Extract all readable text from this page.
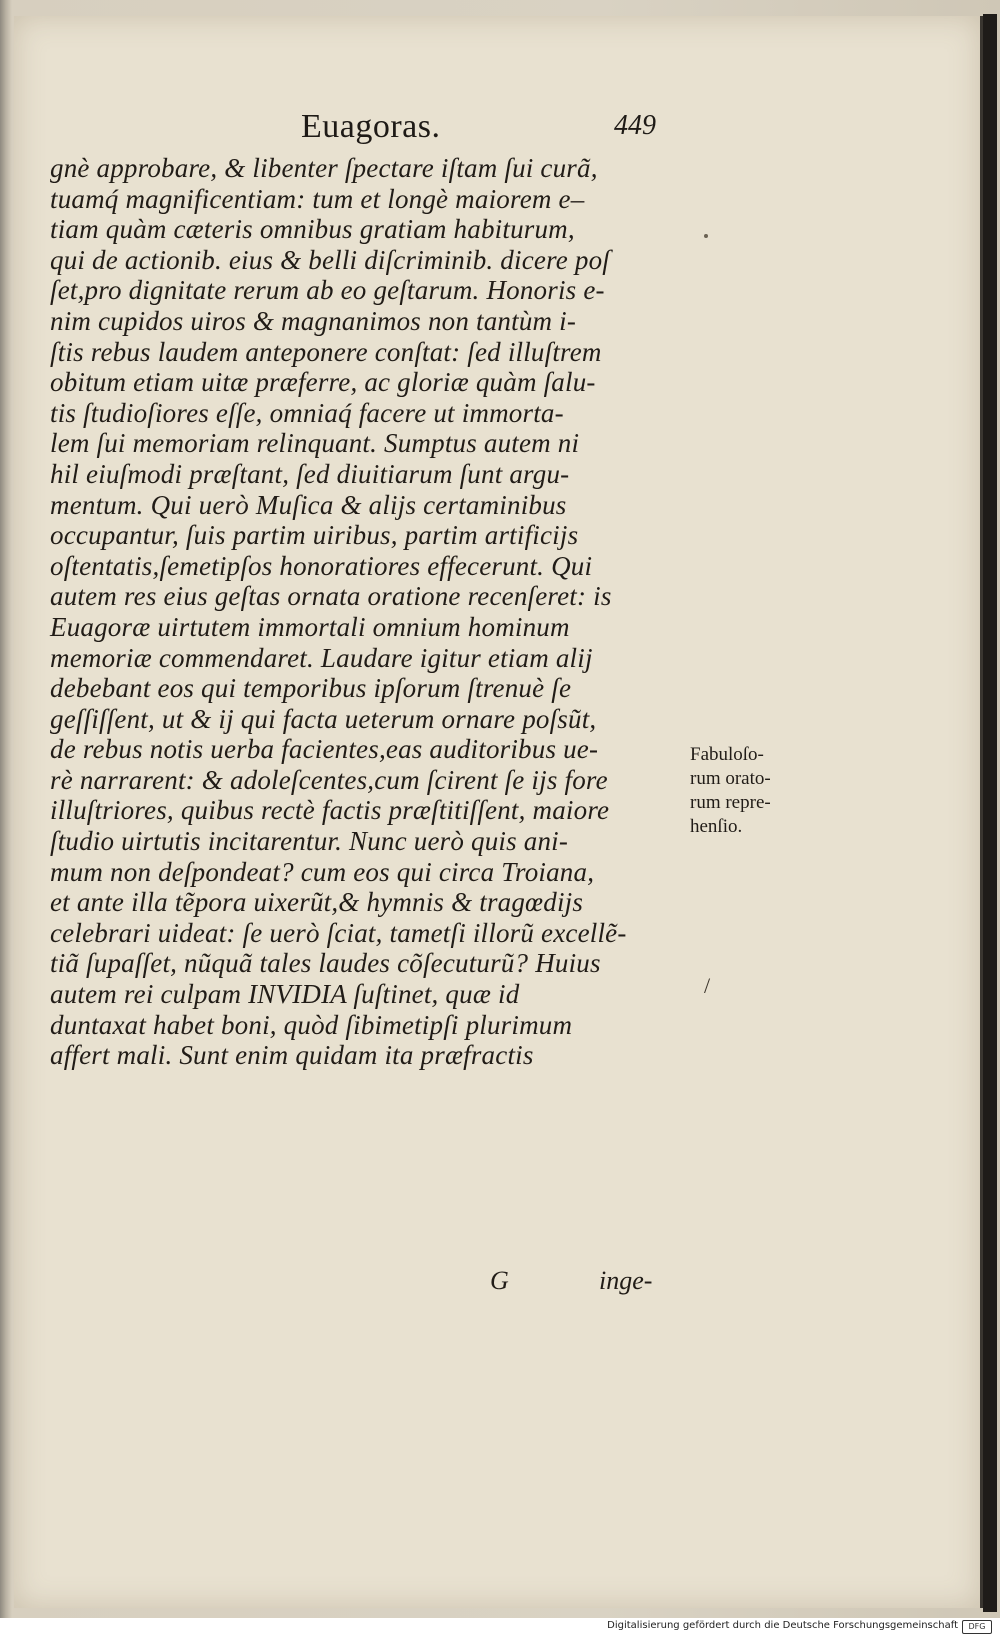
Euagoras.	449
gnè approbare, & libenter ſpectare iſtam ſui curã,
tuamq́ magnificentiam: tum et longè maiorem e–
tiam quàm cæteris omnibus gratiam habiturum,
qui de actionib. eius & belli diſcriminib. dicere poſ
ſet,pro dignitate rerum ab eo geſtarum. Honoris e-
nim cupidos uiros & magnanimos non tantùm i-
ſtis rebus laudem anteponere conſtat: ſed illuſtrem
obitum etiam uitæ præferre, ac gloriæ quàm ſalu-
tis ſtudioſiores eſſe, omniaq́ facere ut immorta-
lem ſui memoriam relinquant. Sumptus autem ni
hil eiuſmodi præſtant, ſed diuitiarum ſunt argu-
mentum. Qui uerò Muſica & alijs certaminibus
occupantur, ſuis partim uiribus, partim artificijs
oſtentatis,ſemetipſos honoratiores effecerunt. Qui
autem res eius geſtas ornata oratione recenſeret: is
Euagoræ uirtutem immortali omnium hominum
memoriæ commendaret. Laudare igitur etiam alij
debebant eos qui temporibus ipſorum ſtrenuè ſe
geſſiſſent, ut & ij qui facta ueterum ornare poſsũt,
de rebus notis uerba facientes,eas auditoribus ue-
rè narrarent: & adoleſcentes,cum ſcirent ſe ijs fore
illuſtriores, quibus rectè factis præſtitiſſent, maiore
ſtudio uirtutis incitarentur. Nunc uerò quis ani-
mum non deſpondeat? cum eos qui circa Troiana,
et ante illa tẽpora uixerũt,& hymnis & tragœdijs
celebrari uideat: ſe uerò ſciat, tametſi illorũ excellẽ-
tiã ſupaſſet, nũquã tales laudes cõſecuturũ? Huius
autem rei culpam INVIDIA ſuſtinet, quæ id
duntaxat habet boni, quòd ſibimetipſi plurimum
affert mali. Sunt enim quidam ita præfractis
G	inge-
Fabuloſo-
rum orato-
rum repre-
henſio.
/
Digitalisierung gefördert durch die Deutsche Forschungsgemeinschaft	DFG
